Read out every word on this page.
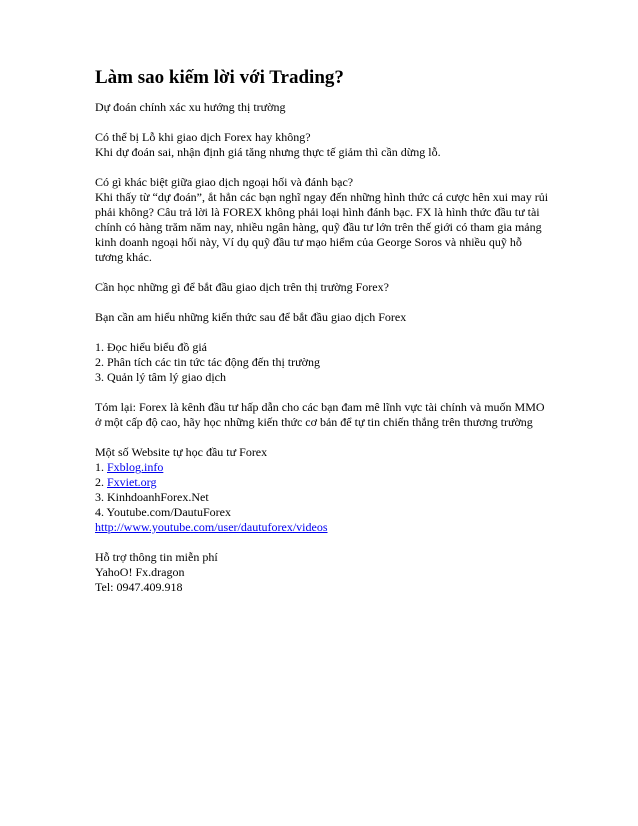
Làm sao kiếm lời với Trading?
Dự đoán chính xác xu hướng thị trường
Có thể bị Lỗ khi giao dịch Forex hay không?
Khi dự đoán sai, nhận định giá tăng nhưng thực tế giảm thì cần dừng lỗ.
Có gì khác biệt giữa giao dịch ngoại hối và đánh bạc?
Khi thấy từ “dự đoán”, ắt hẳn các bạn nghĩ ngay đến những hình thức cá cược hên xui may rủi
phải không? Câu trả lời là FOREX không phải loại hình đánh bạc. FX là hình thức đầu tư tài
chính có hàng trăm năm nay, nhiều ngân hàng, quỹ đầu tư lớn trên thế giới có tham gia mảng
kinh doanh ngoại hối này, Ví dụ quỹ đầu tư mạo hiểm của George Soros và nhiều quỹ hỗ
tương khác.
Cần học những gì để bắt đầu giao dịch trên thị trường Forex?
Bạn cần am hiểu những kiến thức sau để bắt đầu giao dịch Forex
1. Đọc hiểu biểu đồ giá
2. Phân tích các tin tức tác động đến thị trường
3. Quản lý tâm lý giao dịch
Tóm lại: Forex là kênh đầu tư hấp dẫn cho các bạn đam mê lĩnh vực tài chính và muốn MMO
ở một cấp độ cao, hãy học những kiến thức cơ bản để tự tin chiến thắng trên thương trường
Một số Website tự học đầu tư Forex
1. Fxblog.info
2. Fxviet.org
3. KinhdoanhForex.Net
4. Youtube.com/DautuForex
http://www.youtube.com/user/dautuforex/videos
Hỗ trợ thông tin miễn phí
YahoO! Fx.dragon
Tel: 0947.409.918
